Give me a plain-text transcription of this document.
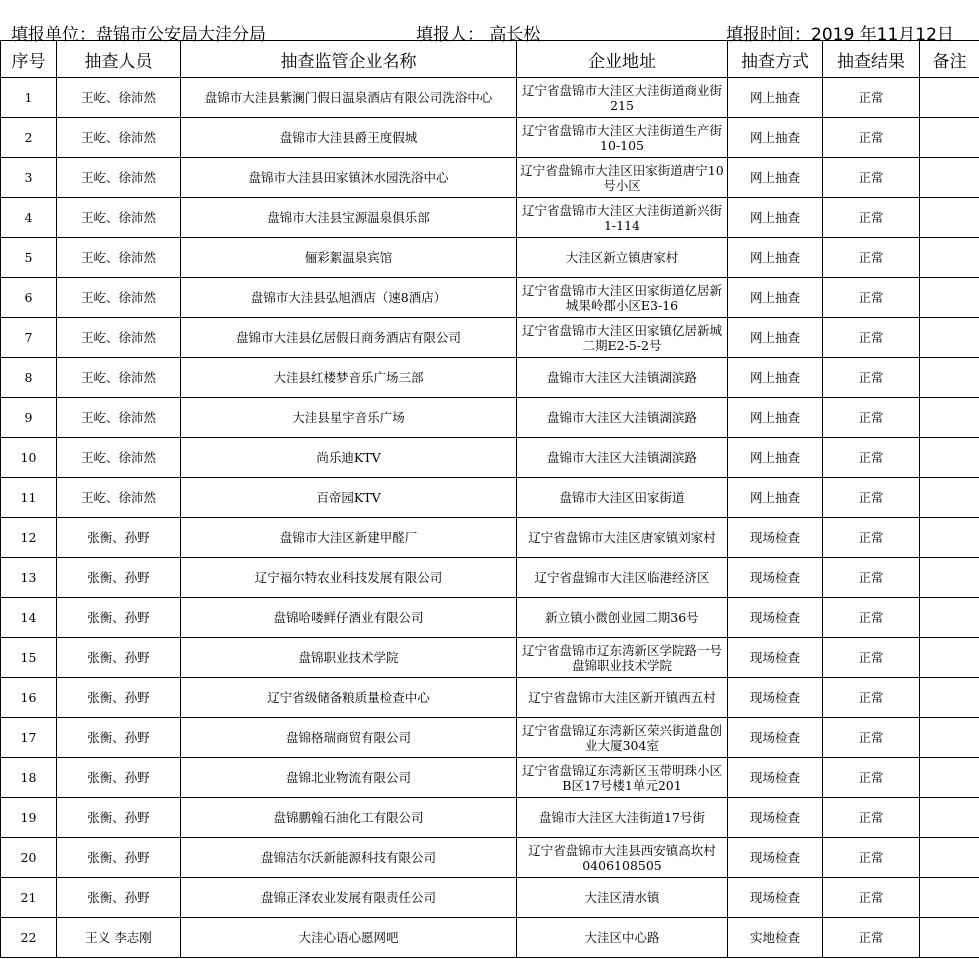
填报单位：盘锦市公安局大洼分局	填报人： 高长松	填报时间：2019 年11月12日
序号	抽查人员	抽查监管企业名称	企业地址	抽查方式	抽查结果	备注
1	王屹、徐沛然	盘锦市大洼县紫澜门假日温泉酒店有限公司洗浴中心	辽宁省盘锦市大洼区大洼街道商业街215	网上抽查	正常	
2	王屹、徐沛然	盘锦市大洼县爵王度假城	辽宁省盘锦市大洼区大洼街道生产街10-105	网上抽查	正常	
3	王屹、徐沛然	盘锦市大洼县田家镇沐水园洗浴中心	辽宁省盘锦市大洼区田家街道唐宁10号小区	网上抽查	正常	
4	王屹、徐沛然	盘锦市大洼县宝源温泉俱乐部	辽宁省盘锦市大洼区大洼街道新兴街1-114	网上抽查	正常	
5	王屹、徐沛然	俪彩絮温泉宾馆	大洼区新立镇唐家村	网上抽查	正常	
6	王屹、徐沛然	盘锦市大洼县弘旭酒店（速8酒店）	辽宁省盘锦市大洼区田家街道亿居新城果岭郡小区E3-16	网上抽查	正常	
7	王屹、徐沛然	盘锦市大洼县亿居假日商务酒店有限公司	辽宁省盘锦市大洼区田家镇亿居新城二期E2-5-2号	网上抽查	正常	
8	王屹、徐沛然	大洼县红楼梦音乐广场三部	盘锦市大洼区大洼镇湖滨路	网上抽查	正常	
9	王屹、徐沛然	大洼县星宇音乐广场	盘锦市大洼区大洼镇湖滨路	网上抽查	正常	
10	王屹、徐沛然	尚乐迪KTV	盘锦市大洼区大洼镇湖滨路	网上抽查	正常	
11	王屹、徐沛然	百帝园KTV	盘锦市大洼区田家街道	网上抽查	正常	
12	张衡、孙野	盘锦市大洼区新建甲醛厂	辽宁省盘锦市大洼区唐家镇刘家村	现场检查	正常	
13	张衡、孙野	辽宁福尔特农业科技发展有限公司	辽宁省盘锦市大洼区临港经济区	现场检查	正常	
14	张衡、孙野	盘锦哈喽鲜仔酒业有限公司	新立镇小微创业园二期36号	现场检查	正常	
15	张衡、孙野	盘锦职业技术学院	辽宁省盘锦市辽东湾新区学院路一号盘锦职业技术学院	现场检查	正常	
16	张衡、孙野	辽宁省级储备粮质量检查中心	辽宁省盘锦市大洼区新开镇西五村	现场检查	正常	
17	张衡、孙野	盘锦格瑞商贸有限公司	辽宁省盘锦辽东湾新区荣兴街道盘创业大厦304室	现场检查	正常	
18	张衡、孙野	盘锦北业物流有限公司	辽宁省盘锦辽东湾新区玉带明珠小区B区17号楼1单元201	现场检查	正常	
19	张衡、孙野	盘锦鹏翰石油化工有限公司	盘锦市大洼区大洼街道17号街	现场检查	正常	
20	张衡、孙野	盘锦洁尔沃新能源科技有限公司	辽宁省盘锦市大洼县西安镇高坎村0406108505	现场检查	正常	
21	张衡、孙野	盘锦正泽农业发展有限责任公司	大洼区清水镇	现场检查	正常	
22	王义 李志刚	大洼心语心愿网吧	大洼区中心路	实地检查	正常	
